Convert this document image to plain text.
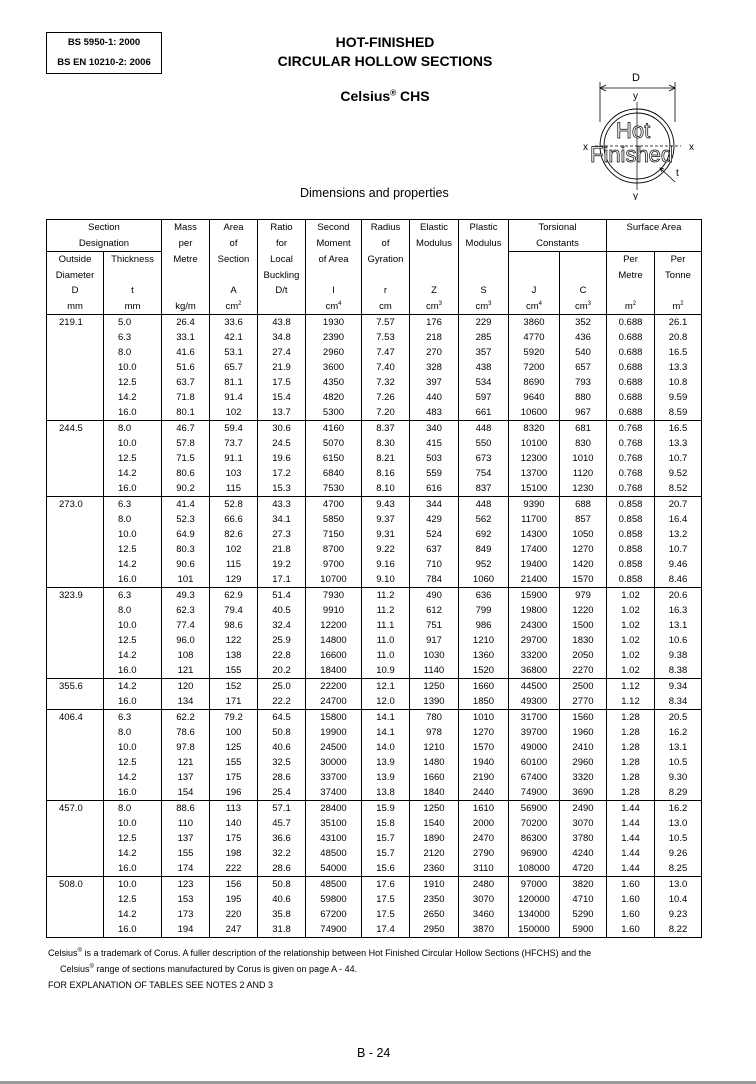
BS 5950-1: 2000
BS EN 10210-2: 2006
HOT-FINISHED
CIRCULAR HOLLOW SECTIONS
Celsius® CHS
D
y
x	x
y
Hot
Finished
t
Dimensions and properties
Section		Mass	Area	Ratio	Second	Radius	Elastic	Plastic	Torsional		Surface Area	
Designation		per	of	for	Moment	of	Modulus	Modulus	Constants			
Outside	Thickness	Metre	Section	Local	of Area	Gyration					Per	Per
Diameter				Buckling							Metre	Tonne
D	t		A	D/t	I	r	Z	S	J	C		
mm	mm	kg/m	$cm^2$		$cm^4$	cm	$cm^3$	$cm^3$	$cm^4$	$cm^3$	$m^2$	$m^2$
219.1	5.0	26.4	33.6	43.8	1930	7.57	176	229	3860	352	0.688	26.1
	6.3	33.1	42.1	34.8	2390	7.53	218	285	4770	436	0.688	20.8
	8.0	41.6	53.1	27.4	2960	7.47	270	357	5920	540	0.688	16.5
	10.0	51.6	65.7	21.9	3600	7.40	328	438	7200	657	0.688	13.3
	12.5	63.7	81.1	17.5	4350	7.32	397	534	8690	793	0.688	10.8
	14.2	71.8	91.4	15.4	4820	7.26	440	597	9640	880	0.688	9.59
	16.0	80.1	102	13.7	5300	7.20	483	661	10600	967	0.688	8.59
244.5	8.0	46.7	59.4	30.6	4160	8.37	340	448	8320	681	0.768	16.5
	10.0	57.8	73.7	24.5	5070	8.30	415	550	10100	830	0.768	13.3
	12.5	71.5	91.1	19.6	6150	8.21	503	673	12300	1010	0.768	10.7
	14.2	80.6	103	17.2	6840	8.16	559	754	13700	1120	0.768	9.52
	16.0	90.2	115	15.3	7530	8.10	616	837	15100	1230	0.768	8.52
273.0	6.3	41.4	52.8	43.3	4700	9.43	344	448	9390	688	0.858	20.7
	8.0	52.3	66.6	34.1	5850	9.37	429	562	11700	857	0.858	16.4
	10.0	64.9	82.6	27.3	7150	9.31	524	692	14300	1050	0.858	13.2
	12.5	80.3	102	21.8	8700	9.22	637	849	17400	1270	0.858	10.7
	14.2	90.6	115	19.2	9700	9.16	710	952	19400	1420	0.858	9.46
	16.0	101	129	17.1	10700	9.10	784	1060	21400	1570	0.858	8.46
323.9	6.3	49.3	62.9	51.4	7930	11.2	490	636	15900	979	1.02	20.6
	8.0	62.3	79.4	40.5	9910	11.2	612	799	19800	1220	1.02	16.3
	10.0	77.4	98.6	32.4	12200	11.1	751	986	24300	1500	1.02	13.1
	12.5	96.0	122	25.9	14800	11.0	917	1210	29700	1830	1.02	10.6
	14.2	108	138	22.8	16600	11.0	1030	1360	33200	2050	1.02	9.38
	16.0	121	155	20.2	18400	10.9	1140	1520	36800	2270	1.02	8.38
355.6	14.2	120	152	25.0	22200	12.1	1250	1660	44500	2500	1.12	9.34
	16.0	134	171	22.2	24700	12.0	1390	1850	49300	2770	1.12	8.34
406.4	6.3	62.2	79.2	64.5	15800	14.1	780	1010	31700	1560	1.28	20.5
	8.0	78.6	100	50.8	19900	14.1	978	1270	39700	1960	1.28	16.2
	10.0	97.8	125	40.6	24500	14.0	1210	1570	49000	2410	1.28	13.1
	12.5	121	155	32.5	30000	13.9	1480	1940	60100	2960	1.28	10.5
	14.2	137	175	28.6	33700	13.9	1660	2190	67400	3320	1.28	9.30
	16.0	154	196	25.4	37400	13.8	1840	2440	74900	3690	1.28	8.29
457.0	8.0	88.6	113	57.1	28400	15.9	1250	1610	56900	2490	1.44	16.2
	10.0	110	140	45.7	35100	15.8	1540	2000	70200	3070	1.44	13.0
	12.5	137	175	36.6	43100	15.7	1890	2470	86300	3780	1.44	10.5
	14.2	155	198	32.2	48500	15.7	2120	2790	96900	4240	1.44	9.26
	16.0	174	222	28.6	54000	15.6	2360	3110	108000	4720	1.44	8.25
508.0	10.0	123	156	50.8	48500	17.6	1910	2480	97000	3820	1.60	13.0
	12.5	153	195	40.6	59800	17.5	2350	3070	120000	4710	1.60	10.4
	14.2	173	220	35.8	67200	17.5	2650	3460	134000	5290	1.60	9.23
	16.0	194	247	31.8	74900	17.4	2950	3870	150000	5900	1.60	8.22
Celsius® is a trademark of Corus. A fuller description of the relationship between Hot Finished Circular Hollow Sections (HFCHS) and the
Celsius® range of sections manufactured by Corus is given on page A - 44.
FOR EXPLANATION OF TABLES SEE NOTES 2 AND 3
B - 24
